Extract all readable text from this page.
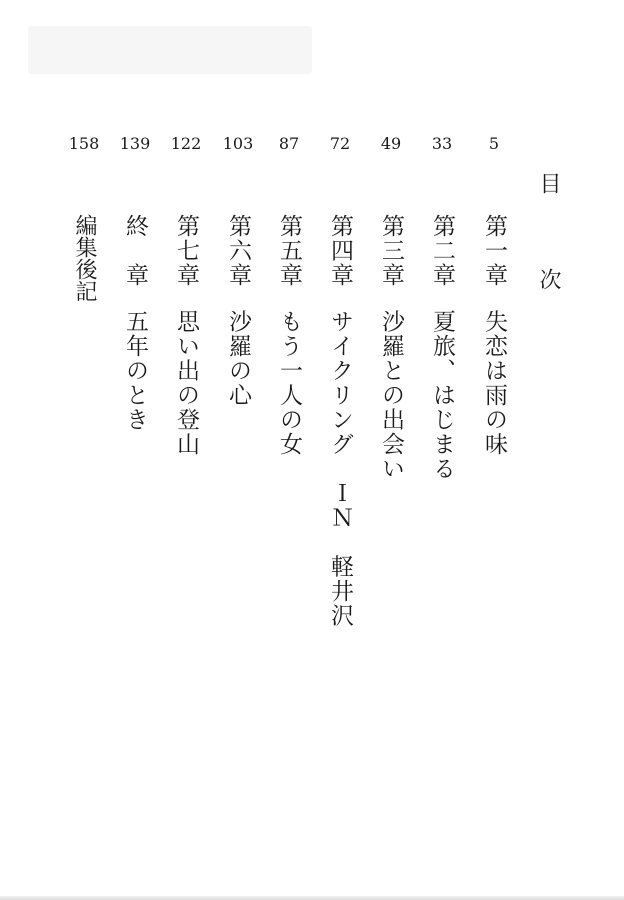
目　次
5
第一章失恋は雨の味
33
第二章夏旅、はじまる
49
第三章沙羅との出会い
72
第四章サイクリング　ＩＮ　軽井沢
87
第五章もう一人の女
103
第六章沙羅の心
122
第七章思い出の登山
139
終　章五年のとき
158
編集後記
